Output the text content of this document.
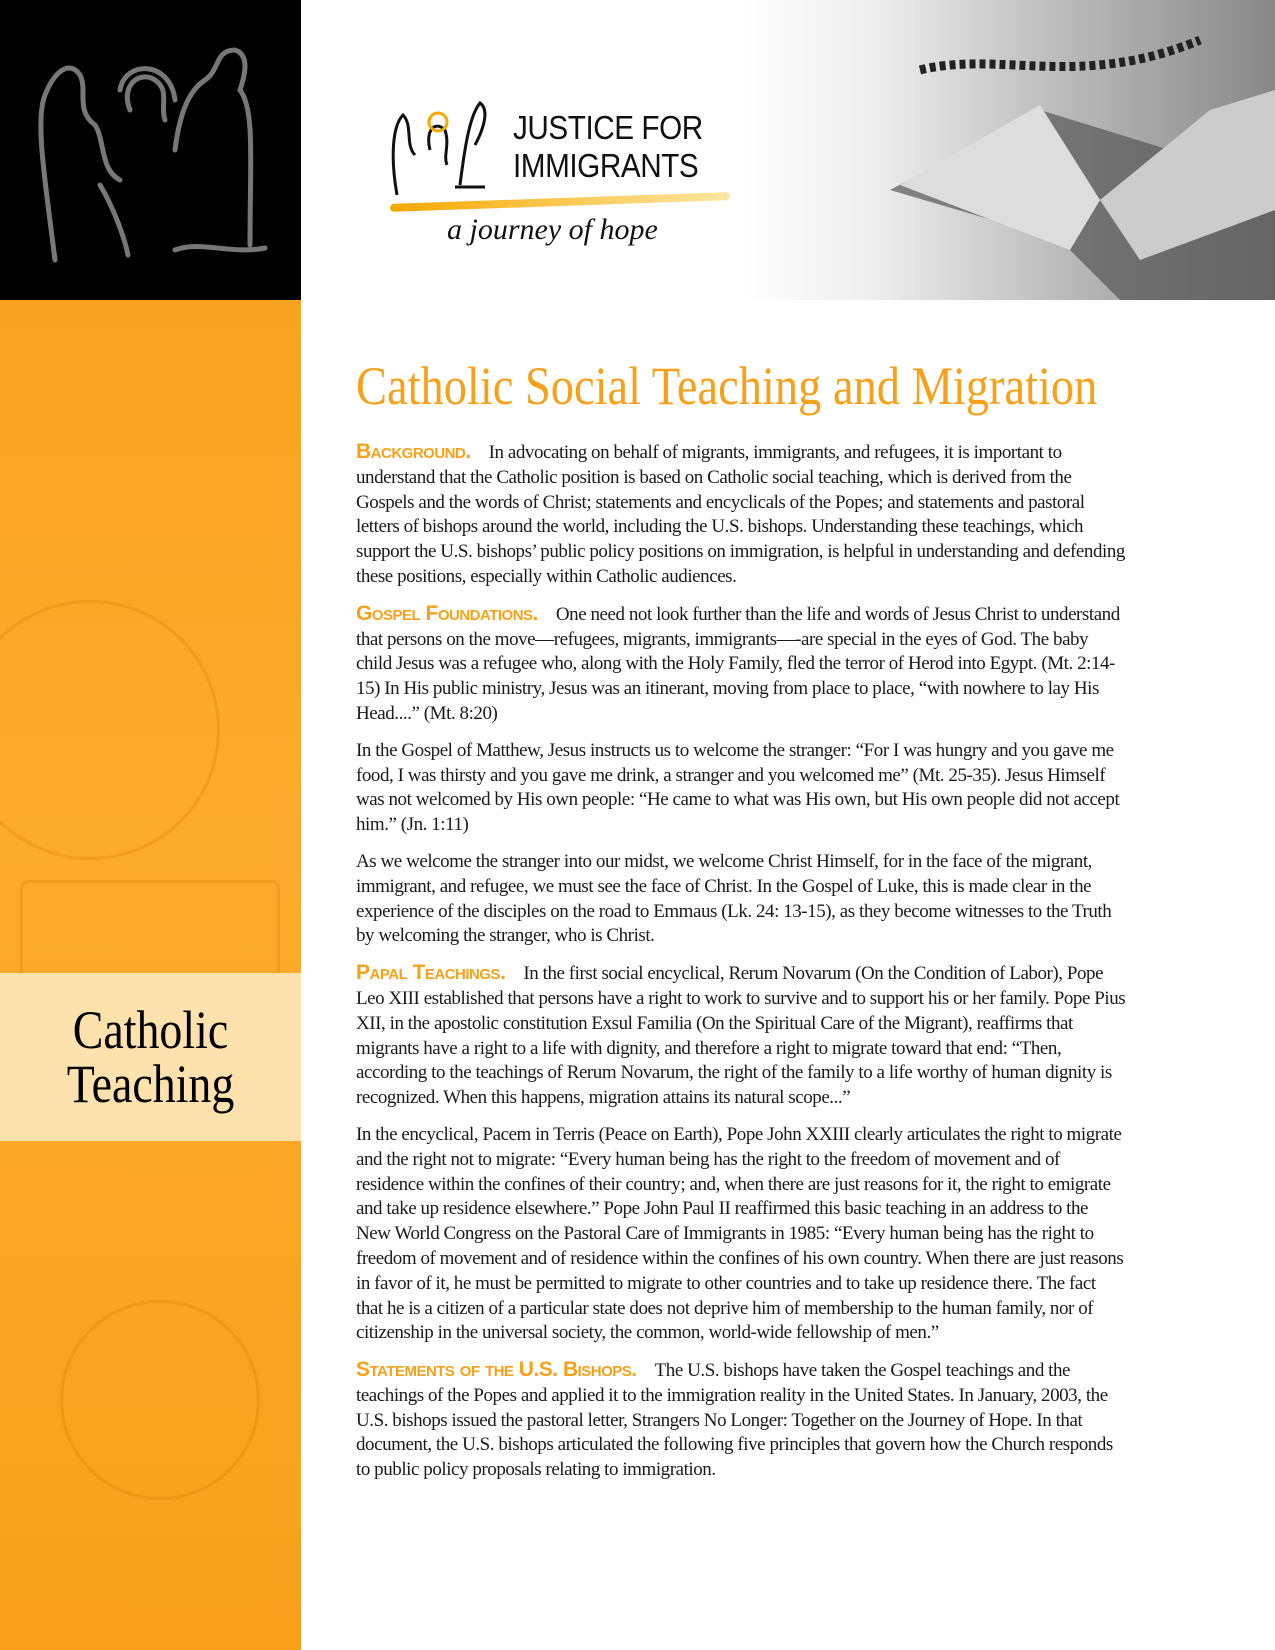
Catholic
Teaching
JUSTICE FOR
IMMIGRANTS
a journey of hope
Catholic Social Teaching and Migration

Background. In advocating on behalf of migrants, immigrants, and refugees, it is important to understand that the Catholic position is based on Catholic social teaching, which is derived from the Gospels and the words of Christ; statements and encyclicals of the Popes; and statements and pastoral letters of bishops around the world, including the U.S. bishops. Understanding these teachings, which support the U.S. bishops’ public policy positions on immigration, is helpful in understanding and defending these positions, especially within Catholic audiences.

Gospel Foundations. One need not look further than the life and words of Jesus Christ to understand that persons on the move—refugees, migrants, immigrants—-are special in the eyes of God. The baby child Jesus was a refugee who, along with the Holy Family, fled the terror of Herod into Egypt. (Mt. 2:14-15) In His public ministry, Jesus was an itinerant, moving from place to place, “with nowhere to lay His Head....” (Mt. 8:20)

In the Gospel of Matthew, Jesus instructs us to welcome the stranger: “For I was hungry and you gave me food, I was thirsty and you gave me drink, a stranger and you welcomed me” (Mt. 25-35). Jesus Himself was not welcomed by His own people: “He came to what was His own, but His own people did not accept him.” (Jn. 1:11)

As we welcome the stranger into our midst, we welcome Christ Himself, for in the face of the migrant, immigrant, and refugee, we must see the face of Christ. In the Gospel of Luke, this is made clear in the experience of the disciples on the road to Emmaus (Lk. 24: 13-15), as they become witnesses to the Truth by welcoming the stranger, who is Christ.

Papal Teachings. In the first social encyclical, Rerum Novarum (On the Condition of Labor), Pope Leo XIII established that persons have a right to work to survive and to support his or her family. Pope Pius XII, in the apostolic constitution Exsul Familia (On the Spiritual Care of the Migrant), reaffirms that migrants have a right to a life with dignity, and therefore a right to migrate toward that end: “Then, according to the teachings of Rerum Novarum, the right of the family to a life worthy of human dignity is recognized. When this happens, migration attains its natural scope...”

In the encyclical, Pacem in Terris (Peace on Earth), Pope John XXIII clearly articulates the right to migrate and the right not to migrate: “Every human being has the right to the freedom of movement and of residence within the confines of their country; and, when there are just reasons for it, the right to emigrate and take up residence elsewhere.” Pope John Paul II reaffirmed this basic teaching in an address to the New World Congress on the Pastoral Care of Immigrants in 1985: “Every human being has the right to freedom of movement and of residence within the confines of his own country. When there are just reasons in favor of it, he must be permitted to migrate to other countries and to take up residence there. The fact that he is a citizen of a particular state does not deprive him of membership to the human family, nor of citizenship in the universal society, the common, world-wide fellowship of men.”

Statements of the U.S. Bishops. The U.S. bishops have taken the Gospel teachings and the teachings of the Popes and applied it to the immigration reality in the United States. In January, 2003, the U.S. bishops issued the pastoral letter, Strangers No Longer: Together on the Journey of Hope. In that document, the U.S. bishops articulated the following five principles that govern how the Church responds to public policy proposals relating to immigration.
